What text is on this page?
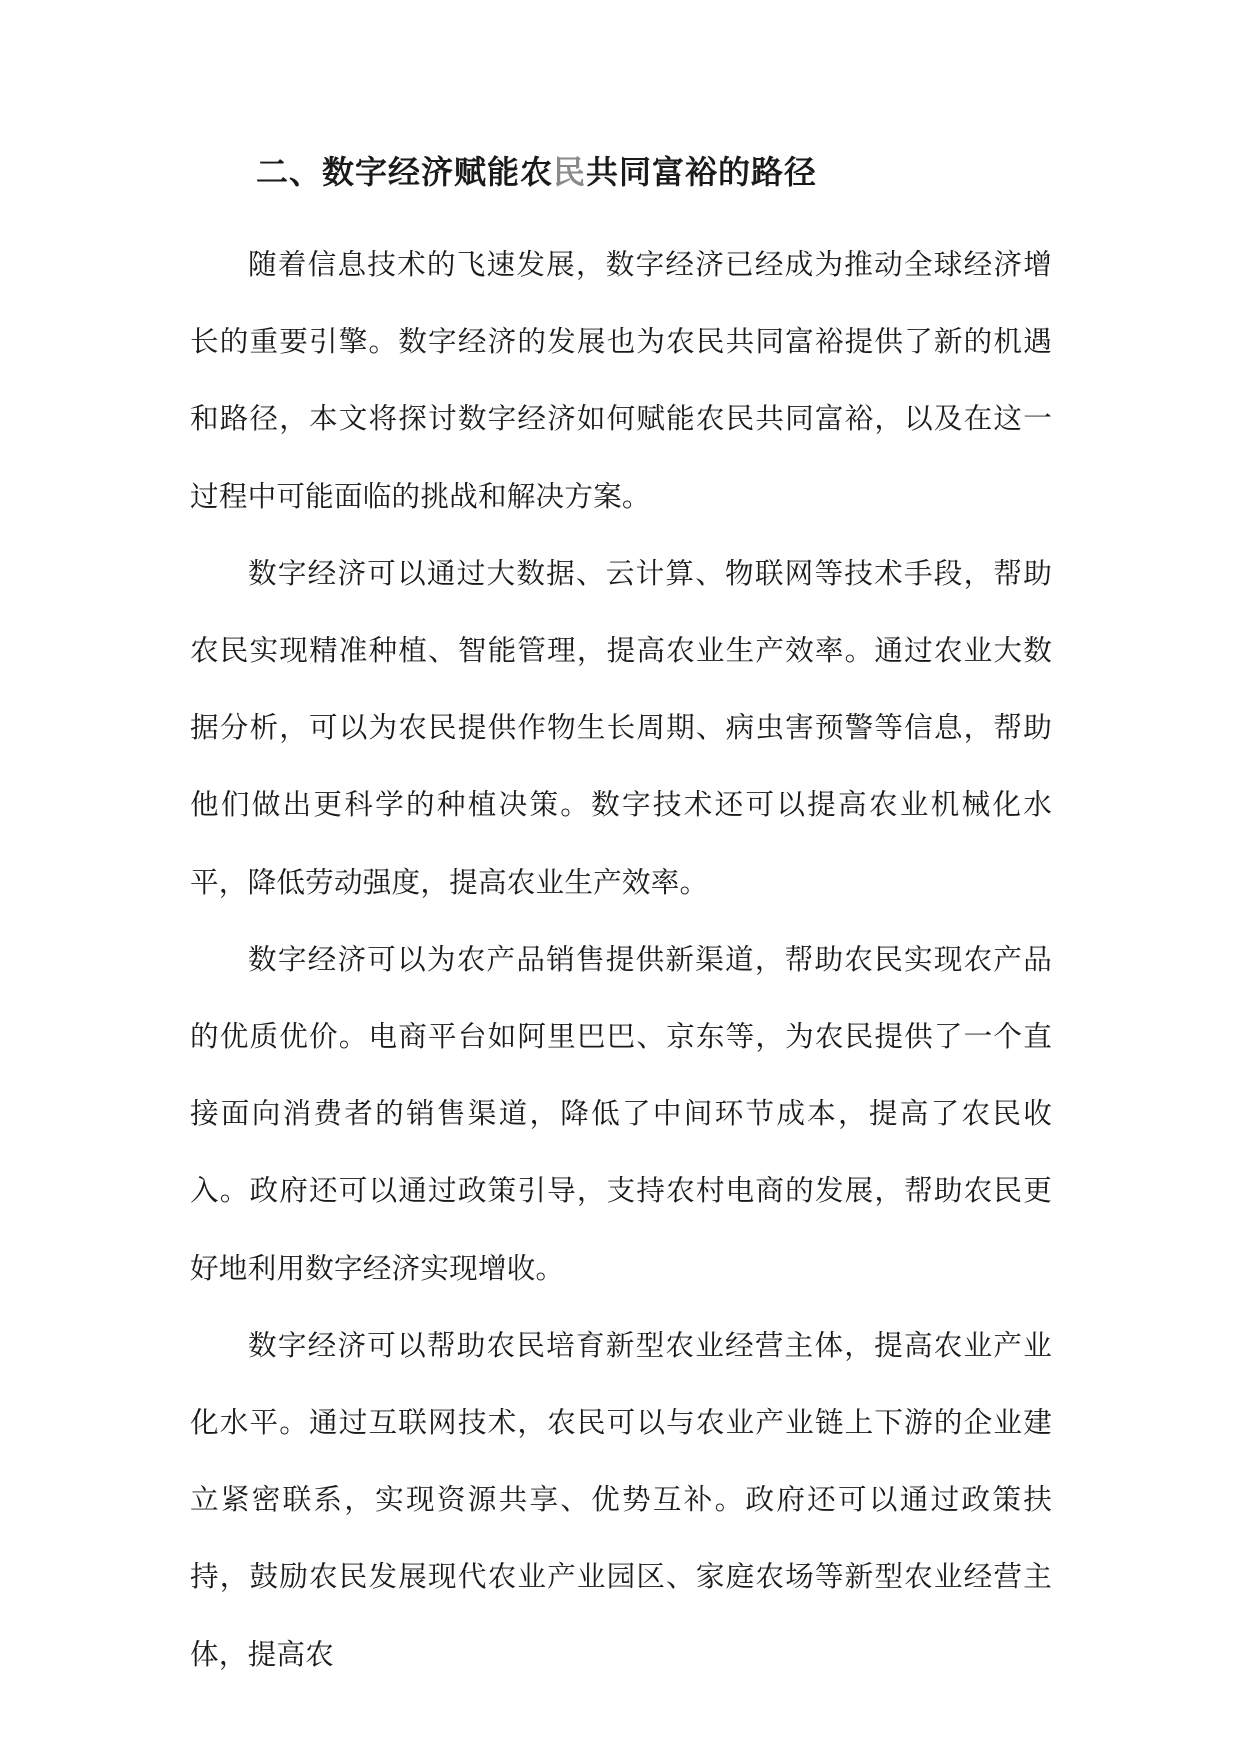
二、数字经济赋能农民共同富裕的路径

随着信息技术的飞速发展，数字经济已经成为推动全球经济增长的重要引擎。数字经济的发展也为农民共同富裕提供了新的机遇和路径，本文将探讨数字经济如何赋能农民共同富裕，以及在这一过程中可能面临的挑战和解决方案。

数字经济可以通过大数据、云计算、物联网等技术手段，帮助农民实现精准种植、智能管理，提高农业生产效率。通过农业大数据分析，可以为农民提供作物生长周期、病虫害预警等信息，帮助他们做出更科学的种植决策。数字技术还可以提高农业机械化水平，降低劳动强度，提高农业生产效率。

数字经济可以为农产品销售提供新渠道，帮助农民实现农产品的优质优价。电商平台如阿里巴巴、京东等，为农民提供了一个直接面向消费者的销售渠道，降低了中间环节成本，提高了农民收入。政府还可以通过政策引导，支持农村电商的发展，帮助农民更好地利用数字经济实现增收。

数字经济可以帮助农民培育新型农业经营主体，提高农业产业化水平。通过互联网技术，农民可以与农业产业链上下游的企业建立紧密联系，实现资源共享、优势互补。政府还可以通过政策扶持，鼓励农民发展现代农业产业园区、家庭农场等新型农业经营主体，提高农
